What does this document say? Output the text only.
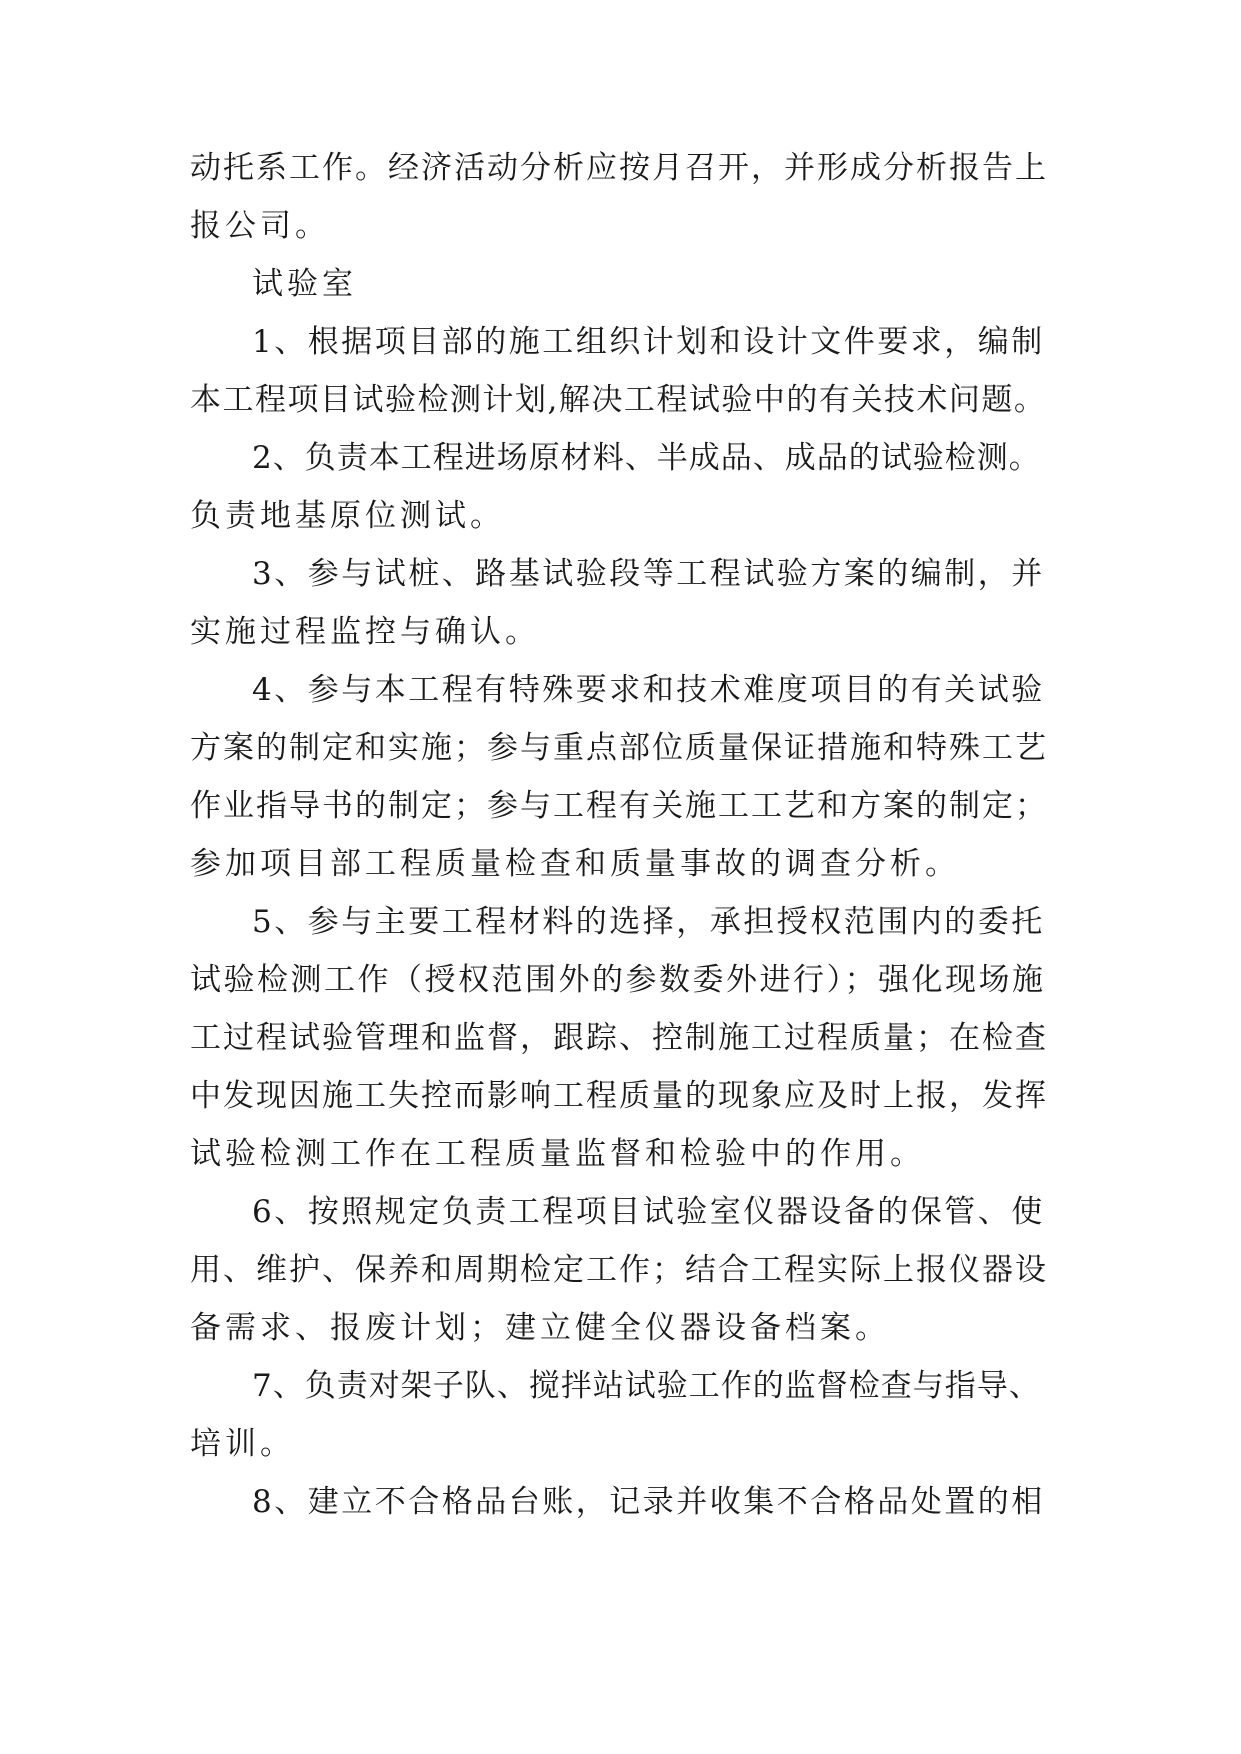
动托系工作。经济活动分析应按月召开，并形成分析报告上
报公司。
试验室
1、根据项目部的施工组织计划和设计文件要求，编制
本工程项目试验检测计划,解决工程试验中的有关技术问题。
2、负责本工程进场原材料、半成品、成品的试验检测。
负责地基原位测试。
3、参与试桩、路基试验段等工程试验方案的编制，并
实施过程监控与确认。
4、参与本工程有特殊要求和技术难度项目的有关试验
方案的制定和实施；参与重点部位质量保证措施和特殊工艺
作业指导书的制定；参与工程有关施工工艺和方案的制定；
参加项目部工程质量检查和质量事故的调查分析。
5、参与主要工程材料的选择，承担授权范围内的委托
试验检测工作（授权范围外的参数委外进行）；强化现场施
工过程试验管理和监督，跟踪、控制施工过程质量；在检查
中发现因施工失控而影响工程质量的现象应及时上报，发挥
试验检测工作在工程质量监督和检验中的作用。
6、按照规定负责工程项目试验室仪器设备的保管、使
用、维护、保养和周期检定工作；结合工程实际上报仪器设
备需求、报废计划；建立健全仪器设备档案。
7、负责对架子队、搅拌站试验工作的监督检查与指导、
培训。
8、建立不合格品台账，记录并收集不合格品处置的相
